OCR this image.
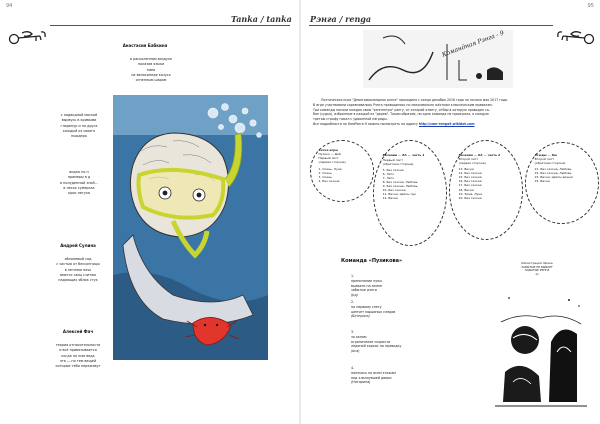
94
Tanka / tanka
Анастасия Бабкина
в расколенном воздухе
показав языки
змеи
на велосипеде качусь
огненным шаром
с подводной маской
вырвусь в кривыми
гладенур и на друга
каждый из своего
пьюдера
видно но н
примеры в д
в полуденный зной...
в лесах сумерках
крик петуха
Андрей Сулина
яблоневый сад
с частью от бессонницы
в летнюю ночь
вместо свиц считаю
падающих яблок стук
Алексей Фач
теория относительности
и всё привязывается
когда по ним ведь
эта — по тем вещей
которые тебя пережевут
95
Рэнга / renga
Командная Рэнга - 9
Поэтическая игра "Девятьвкомандная рэнга" проходила с конца декабря 2016 года по начало мая 2017 года.
В игре участвовали соревновались Рэнга проводилась по максимально жёстким классическим правилам.
Три команды писали каждая свою "рэнгенную" рэнгу, от которой ответу, отбор в которую проводил са-
бан (судья), избранные в каждой из "дерев". Таким образом, ни одна команда не проиграла, а каждую
третью строфу писал с удвоенной награды.
Все подробности по КомРэнге-9 можно посмотреть по адресу http://cam-renga9.wikidot.com
Сетка игры
Пузико — Дай
Первый лист
(первая сторона)
1. Осень, Луна
2. Осень
3. Осень
4. Без сезона
Везении — ХА — часть 1
Первый лист
(обратная сторона)
5. Без сезона
6. Лето
7. Лето
8. Без сезона, Любовь
9. Без сезона, Любовь
10. Без сезона
11. Весна, Цветы лук
12. Весна
Везения — ХА — часть 2
Второй лист
(первая сторона)
13. Весна
14. Без сезона
15. Без сезона
16. Без сезона
17. Без сезона
18. Весна
19. Зима, Луна
20. Без сезона
Этюды — Кю
Второй лист
(обратная сторона)
21. Без сезона, Любовь
22. Без сезона, Любовь
23. Весна, Цветы вишни
24. Весна
Команда «Пузикова»
1.
препинание луны
вызвало на земле
забытые рэнги
(рд)
2.
по первому снегу
шепчет мышиных следов
(Белгриса)
3.
за окном
ограничение скорости
ледяной каркас на проводку
(иса)
4.
понесись по всем этажам
под хлопнувшей двери
(Натарина)
Иллюстрация: Ирина
ЗАБЫТЫЕ НЕ БЫВАЕТ
ЗАБЫТЫЕ РЭНГИ
1x
